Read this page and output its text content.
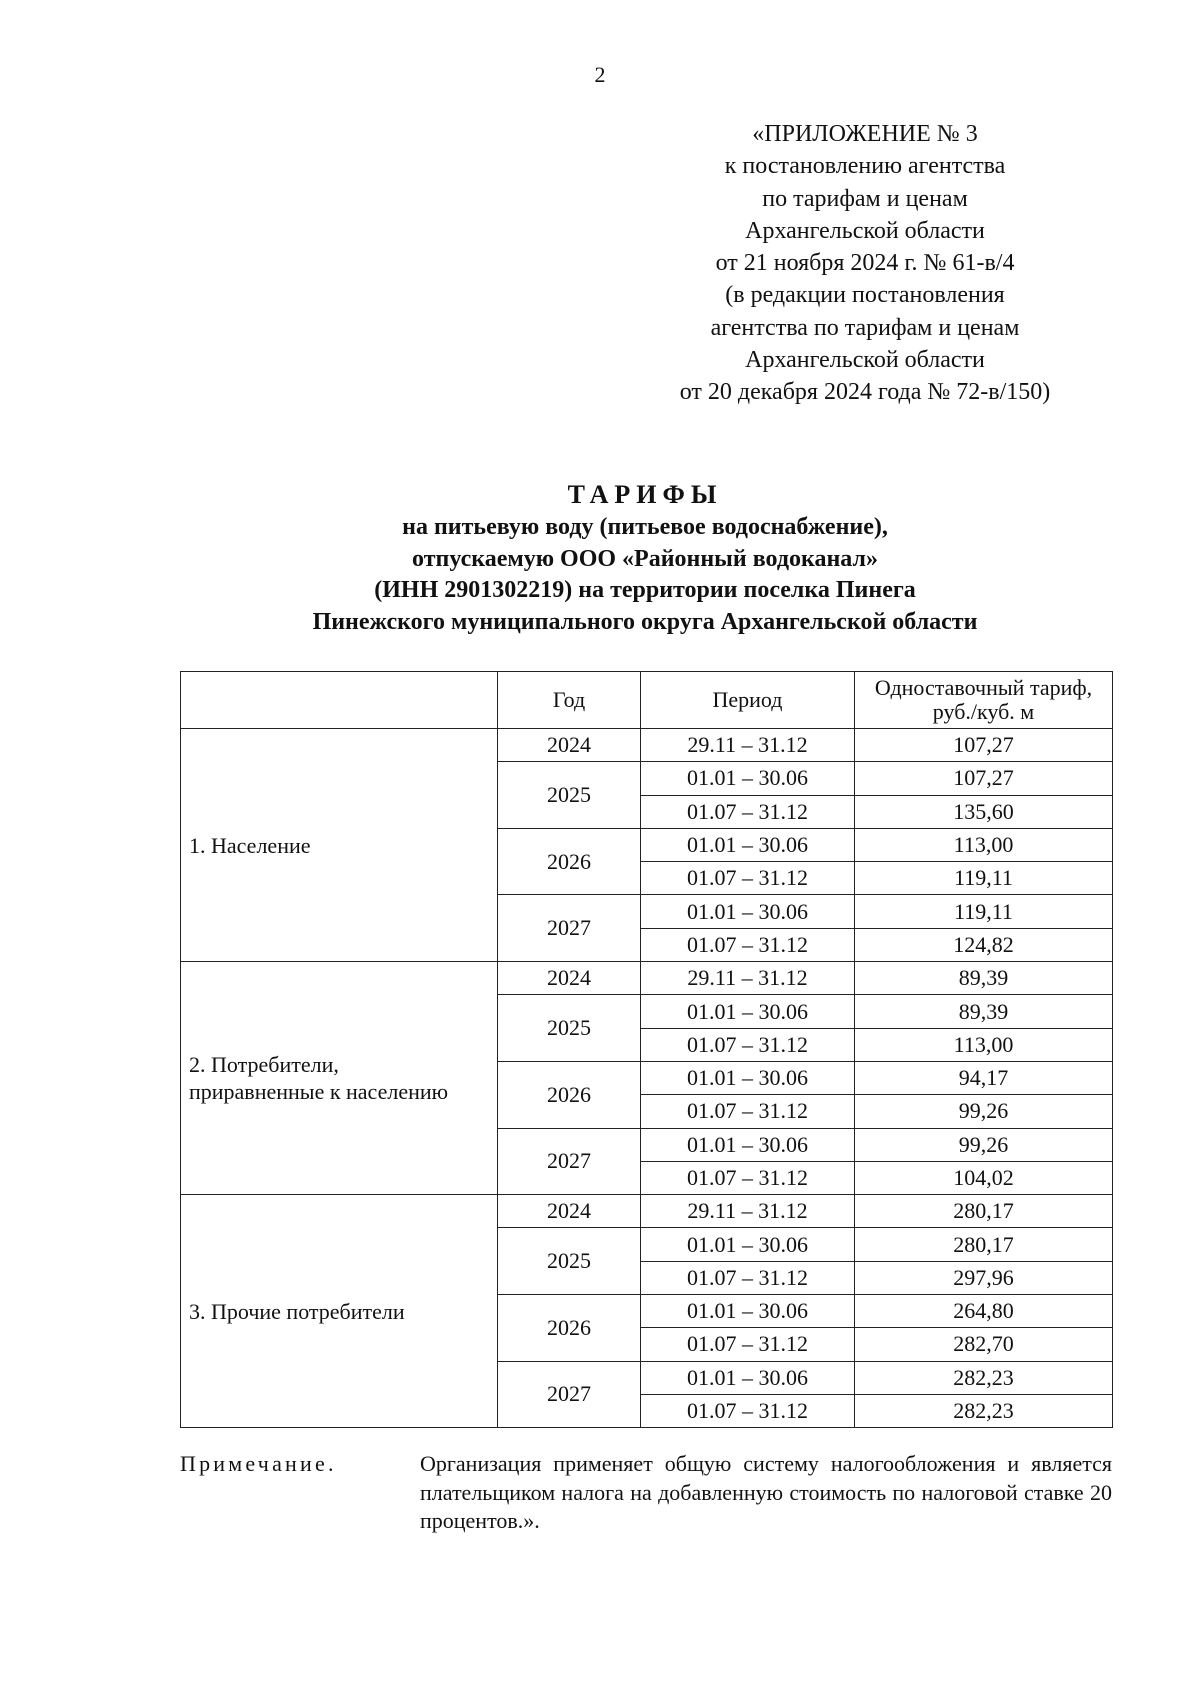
2
«ПРИЛОЖЕНИЕ № 3
к постановлению агентства
по тарифам и ценам
Архангельской области
от 21 ноября 2024 г. № 61-в/4
(в редакции постановления
агентства по тарифам и ценам
Архангельской области
от 20 декабря 2024 года № 72-в/150)
ТАРИФЫ
на питьевую воду (питьевое водоснабжение),
отпускаемую ООО «Районный водоканал»
(ИНН 2901302219) на территории поселка Пинега
Пинежского муниципального округа Архангельской области
	Год	Период	Одноставочный тариф,
руб./куб. м

1. Население	2024	29.11 – 31.12	107,27
	2025	01.01 – 30.06	107,27
		01.07 – 31.12	135,60
	2026	01.01 – 30.06	113,00
		01.07 – 31.12	119,11
	2027	01.01 – 30.06	119,11
		01.07 – 31.12	124,82

2. Потребители,
приравненные к населению	2024	29.11 – 31.12	89,39
	2025	01.01 – 30.06	89,39
		01.07 – 31.12	113,00
	2026	01.01 – 30.06	94,17
		01.07 – 31.12	99,26
	2027	01.01 – 30.06	99,26
		01.07 – 31.12	104,02

3. Прочие потребители	2024	29.11 – 31.12	280,17
	2025	01.01 – 30.06	280,17
		01.07 – 31.12	297,96
	2026	01.01 – 30.06	264,80
		01.07 – 31.12	282,70
	2027	01.01 – 30.06	282,23
		01.07 – 31.12	282,23
Примечание.	Организация применяет общую систему налогообложения и является плательщиком налога на добавленную стоимость по налоговой ставке 20 процентов.».
